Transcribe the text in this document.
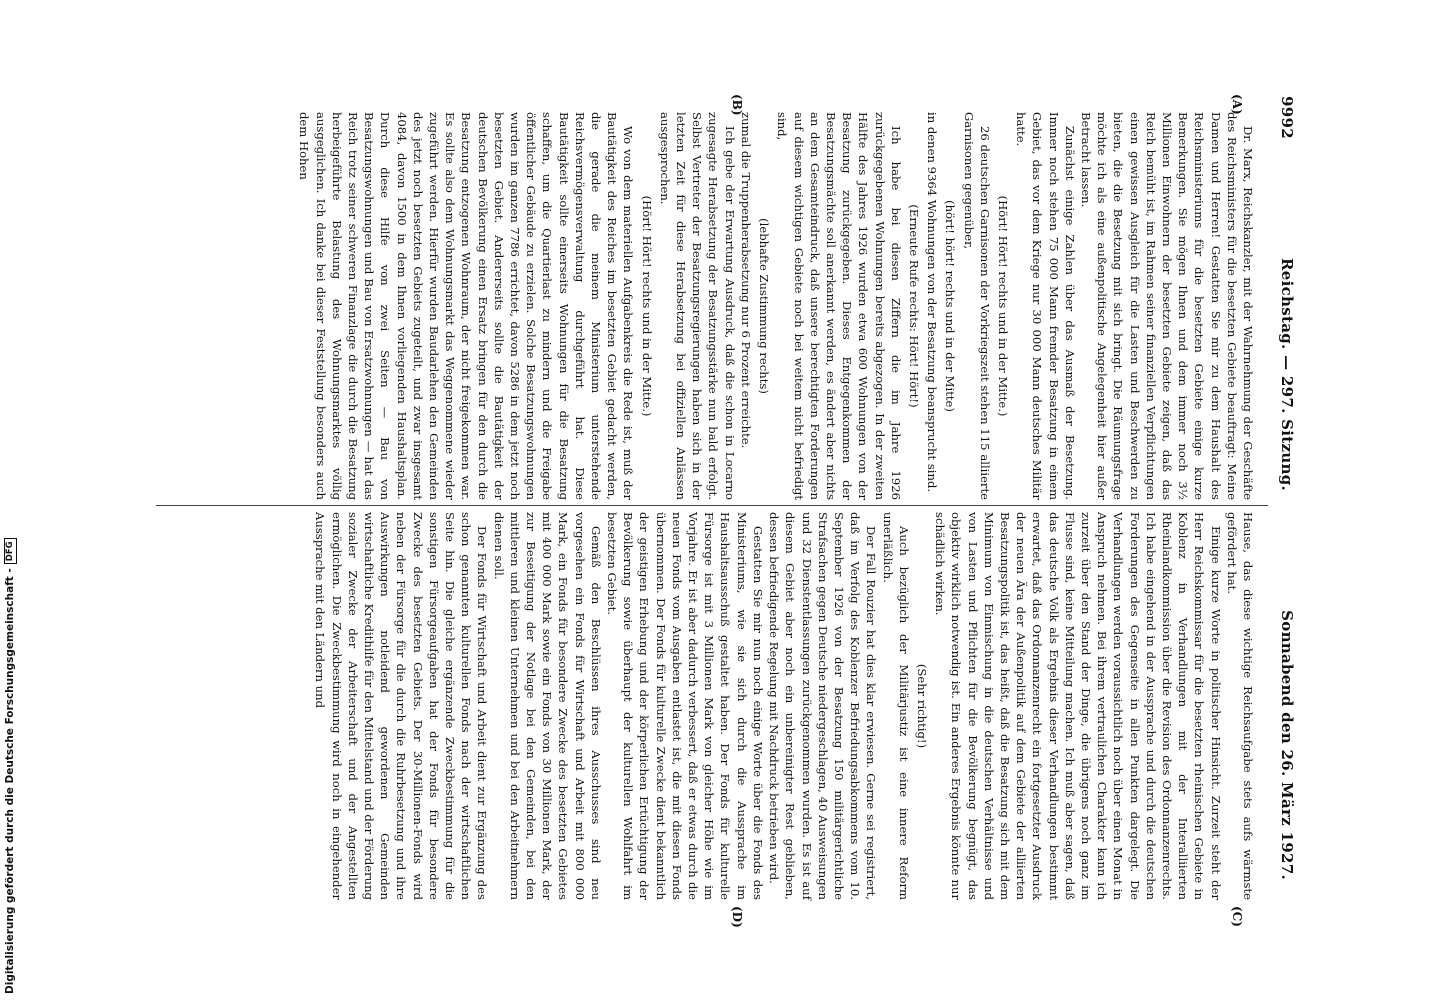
9992
Reichstag. — 297. Sitzung.
Sonnabend den 26. März 1927.
(A)
(B)
(C)
(D)

Dr. Marx, Reichskanzler, mit der Wahrnehmung der Geschäfte des Reichsministers für die besetzten Gebiete beauftragt: Meine Damen und Herren! Gestatten Sie mir zu dem Haushalt des Reichsministeriums für die besetzten Gebiete einige kurze Bemerkungen. Sie mögen Ihnen und dem immer noch 3½ Millionen Einwohnern der besetzten Gebiete zeigen, daß das Reich bemüht ist, im Rahmen seiner finanziellen Verpflichtungen einen gewissen Ausgleich für die Lasten und Beschwerden zu bieten, die die Besetzung mit sich bringt. Die Räumungsfrage möchte ich als eine außenpolitische Angelegenheit hier außer Betracht lassen.

Zunächst einige Zahlen über das Ausmaß der Besetzung. Immer noch stehen 75 000 Mann fremder Besatzung in einem Gebiet, das vor dem Kriege nur 30 000 Mann deutsches Militär hatte.

(Hört! Hört! rechts und in der Mitte.)

26 deutschen Garnisonen der Vorkriegszeit stehen 115 alliierte Garnisonen gegenüber,

(hört! hört! rechts und in der Mitte)

in denen 9364 Wohnungen von der Besatzung beansprucht sind.

(Erneute Rufe rechts: Hört! Hört!)

Ich habe bei diesen Ziffern die im Jahre 1926 zurückgegebenen Wohnungen bereits abgezogen. In der zweiten Hälfte des Jahres 1926 wurden etwa 600 Wohnungen von der Besatzung zurückgegeben. Dieses Entgegenkommen der Besatzungsmächte soll anerkannt werden, es ändert aber nichts an dem Gesamteindruck, daß unsere berechtigten Forderungen auf diesem wichtigen Gebiete noch bei weitem nicht befriedigt sind,

(lebhafte Zustimmung rechts)

zumal die Truppenherabsetzung nur 6 Prozent erreichte.

Ich gebe der Erwartung Ausdruck, daß die schon in Locarno zugesagte Herabsetzung der Besatzungsstärke nun bald erfolgt. Selbst Vertreter der Besatzungsregierungen haben sich in der letzten Zeit für diese Herabsetzung bei offiziellen Anlässen ausgesprochen.

(Hört! Hört! rechts und in der Mitte.)

Wo von dem materiellen Aufgabenkreis die Rede ist, muß der Bautätigkeit des Reiches im besetzten Gebiet gedacht werden, die gerade die meinem Ministerium unterstehende Reichsvermögensverwaltung durchgeführt hat. Diese Bautätigkeit sollte einerseits Wohnungen für die Besatzung schaffen, um die Quartierlast zu mindern und die Freigabe öffentlicher Gebäude zu erzielen. Solche Besatzungswohnungen wurden im ganzen 7786 errichtet, davon 5286 in dem jetzt noch besetzten Gebiet. Andererseits sollte die Bautätigkeit der deutschen Bevölkerung einen Ersatz bringen für den durch die Besatzung entzogenen Wohnraum, der nicht freigekommen war. Es sollte also dem Wohnungsmarkt das Weggenommene wieder zugeführt werden. Hierfür wurden Baudarlehen den Gemeinden des jetzt noch besetzten Gebiets zugeteilt, und zwar insgesamt 4084, davon 1500 in dem Ihnen vorliegenden Haushaltsplan. Durch diese Hilfe von zwei Seiten — Bau von Besatzungswohnungen und Bau von Ersatzwohnungen — hat das Reich trotz seiner schweren Finanzlage die durch die Besatzung herbeigeführte Belastung des Wohnungsmarktes völlig ausgeglichen. Ich danke bei dieser Feststellung besonders auch dem Hohen

Hause, das diese wichtige Reichsaufgabe stets aufs wärmste gefördert hat.

Einige kurze Worte in politischer Hinsicht. Zurzeit steht der Herr Reichskommissar für die besetzten rheinischen Gebiete in Koblenz in Verhandlungen mit der Interalliierten Rheinlandkommission über die Revision des Ordonnanzenrechts. Ich habe eingehend in der Aussprache und durch die deutschen Forderungen des Gegenseite in allen Punkten dargelegt. Die Verhandlungen werden voraussichtlich noch über einen Monat in Anspruch nehmen. Bei ihrem vertraulichen Charakter kann ich zurzeit über den Stand der Dinge, die übrigens noch ganz im Flusse sind, keine Mitteilung machen. Ich muß aber sagen, daß das deutsche Volk als Ergebnis dieser Verhandlungen bestimmt erwartet, daß das Ordonnanzenrecht ein fortgesetzter Ausdruck der neuen Ära der Außenpolitik auf dem Gebiete der alliierten Besatzungspolitik ist, das heißt, daß die Besatzung sich mit dem Minimum von Einmischung in die deutschen Verhältnisse und von Lasten und Pflichten für die Bevölkerung begnügt, das objektiv wirklich notwendig ist. Ein anderes Ergebnis könnte nur schädlich wirken.

(Sehr richtig!)

Auch bezüglich der Militärjustiz ist eine innere Reform unerläßlich.

Der Fall Rouzier hat dies klar erwiesen. Gerne sei registriert, daß im Verfolg des Koblenzer Befriedungsabkommens vom 10. September 1926 von der Besatzung 150 militärgerichtliche Strafsachen gegen Deutsche niedergeschlagen, 40 Ausweisungen und 32 Dienstentlassungen zurückgenommen wurden. Es ist auf diesem Gebiet aber noch ein unbereinigter Rest geblieben, dessen befriedigende Regelung mit Nachdruck betrieben wird.

Gestatten Sie mir nun noch einige Worte über die Fonds des Ministeriums, wie sie sich durch die Aussprache im Haushaltsausschuß gestaltet haben. Der Fonds für kulturelle Fürsorge ist mit 3 Millionen Mark von gleicher Höhe wie im Vorjahre. Er ist aber dadurch verbessert, daß er etwas durch die neuen Fonds vom Ausgaben entlastet ist, die mit diesen Fonds übernommen. Der Fonds für kulturelle Zwecke dient bekanntlich der geistigen Erhebung und der körperlichen Ertüchtigung der Bevölkerung sowie überhaupt der kulturellen Wohlfahrt im besetzten Gebiet.

Gemäß den Beschlüssen ihres Ausschusses sind neu vorgesehen ein Fonds für Wirtschaft und Arbeit mit 800 000 Mark, ein Fonds für besondere Zwecke des besetzten Gebietes mit 400 000 Mark sowie ein Fonds von 30 Millionen Mark, der zur Beseitigung der Notlage bei den Gemeinden, bei den mittleren und kleinen Unternehmen und bei den Arbeitnehmern dienen soll.

Der Fonds für Wirtschaft und Arbeit dient zur Ergänzung des schon genannten kulturellen Fonds nach der wirtschaftlichen Seite hin. Die gleiche ergänzende Zweckbestimmung für die sonstigen Fürsorgeaufgaben hat der Fonds für besondere Zwecke des besetzten Gebiets. Der 30-Millionen-Fonds wird neben der Fürsorge für die durch die Ruhrbesetzung und ihre Auswirkungen notleidend gewordenen Gemeinden wirtschaftliche Kredithilfe für den Mittelstand und der Förderung sozialer Zwecke der Arbeiterschaft und der Angestellten ermöglichen. Die Zweckbestimmung wird noch in eingehender Aussprache mit den Ländern und

Digitalisierung gefördert durch die Deutsche Forschungsgemeinschaft -
DFG
